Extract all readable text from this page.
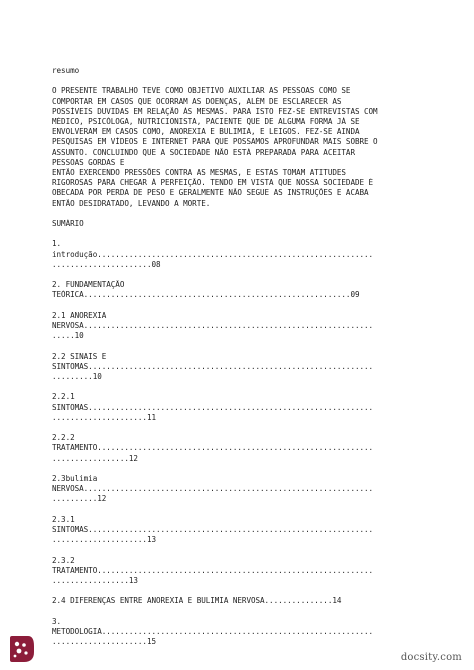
resumo
O PRESENTE TRABALHO TEVE COMO OBJETIVO AUXILIAR AS PESSOAS COMO SE
COMPORTAR EM CASOS QUE OCORRAM AS DOENÇAS, ALÉM DE ESCLARECER AS
POSSÍVEIS DUVIDAS EM RELAÇÃO ÀS MESMAS. PARA ISTO FEZ-SE ENTREVISTAS COM
MÉDICO, PSICÓLOGA, NUTRICIONISTA, PACIENTE QUE DE ALGUMA FORMA JÁ SE
ENVOLVERAM EM CASOS COMO, ANOREXIA E BULIMIA, E LEIGOS. FEZ-SE AINDA
PESQUISAS EM VÍDEOS E INTERNET PARA QUE POSSAMOS APROFUNDAR MAIS SOBRE O
ASSUNTO. CONCLUINDO QUE A SOCIEDADE NÃO ESTÁ PREPARADA PARA ACEITAR
PESSOAS GORDAS E
ENTÃO EXERCENDO PRESSÕES CONTRA AS MESMAS, E ESTAS TOMAM ATITUDES
RIGOROSAS PARA CHEGAR À PERFEIÇÃO. TENDO EM VISTA QUE NOSSA SOCIEDADE É
OBECADA POR PERDA DE PESO E GERALMENTE NÃO SEGUE AS INSTRUÇÕES E ACABA
ENTÃO DESIDRATADO, LEVANDO A MORTE.
SUMÁRIO
1.
introdução.............................................................
......................08
2. FUNDAMENTAÇÃO
TEÓRICA...........................................................09
2.1 ANOREXIA
NERVOSA................................................................
.....10
2.2 SINAIS E
SINTOMAS...............................................................
.........10
2.2.1
SINTOMAS...............................................................
.....................11
2.2.2
TRATAMENTO.............................................................
.................12
2.3bulimia
NERVOSA................................................................
..........12
2.3.1
SINTOMAS...............................................................
.....................13
2.3.2
TRATAMENTO.............................................................
.................13
2.4 DIFERENÇAS ENTRE ANOREXIA E BULIMIA NERVOSA...............14
3.
METODOLOGIA............................................................
.....................15
docsity.com
